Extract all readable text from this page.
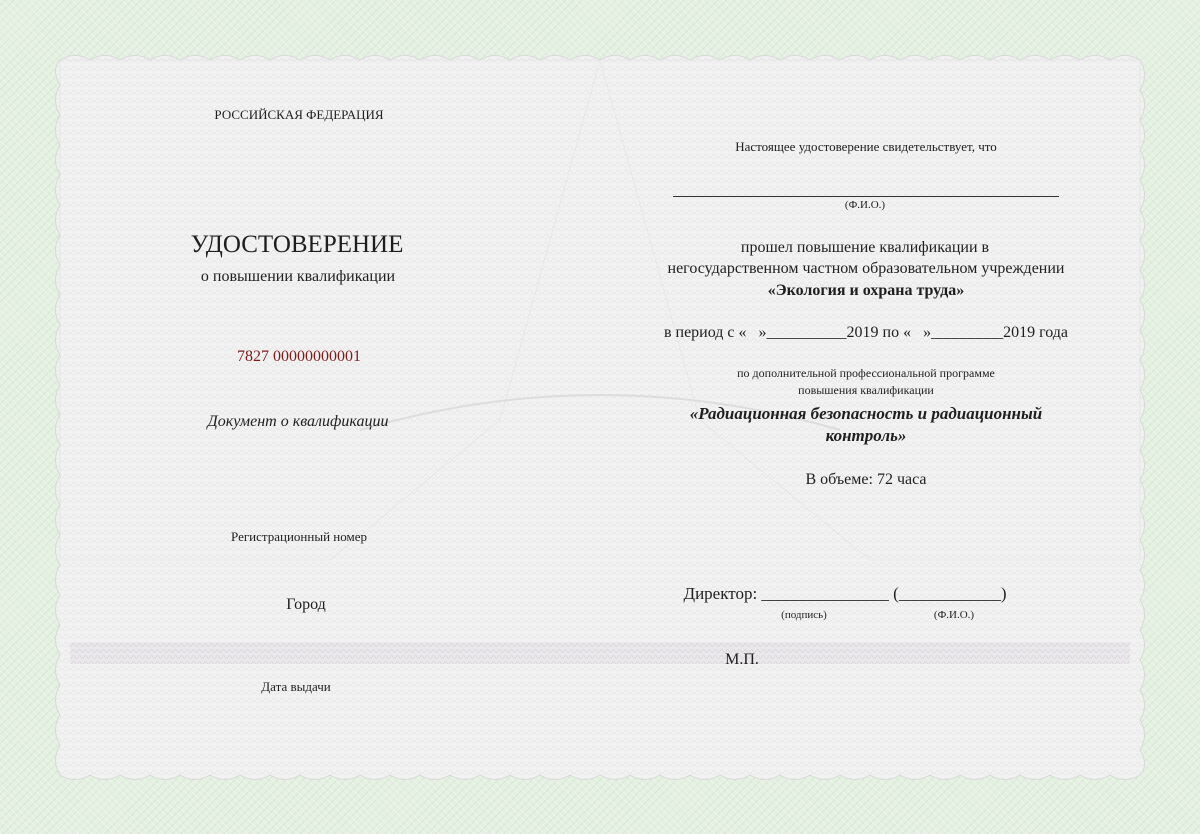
РОССИЙСКАЯ ФЕДЕРАЦИЯ
УДОСТОВЕРЕНИЕ
о повышении квалификации
7827 00000000001
Документ о квалификации
Регистрационный номер
Город
Дата выдачи
Настоящее удостоверение свидетельствует, что
(Ф.И.О.)
прошел повышение квалификации в
негосударственном частном образовательном учреждении
«Экология и охрана труда»
в период с «   »__________2019 по «   »_________2019 года
по дополнительной профессиональной программе
повышения квалификации
«Радиационная безопасность и радиационный
контроль»
В объеме: 72 часа
Директор: _______________ (____________)
(подпись)	(Ф.И.О.)
М.П.
